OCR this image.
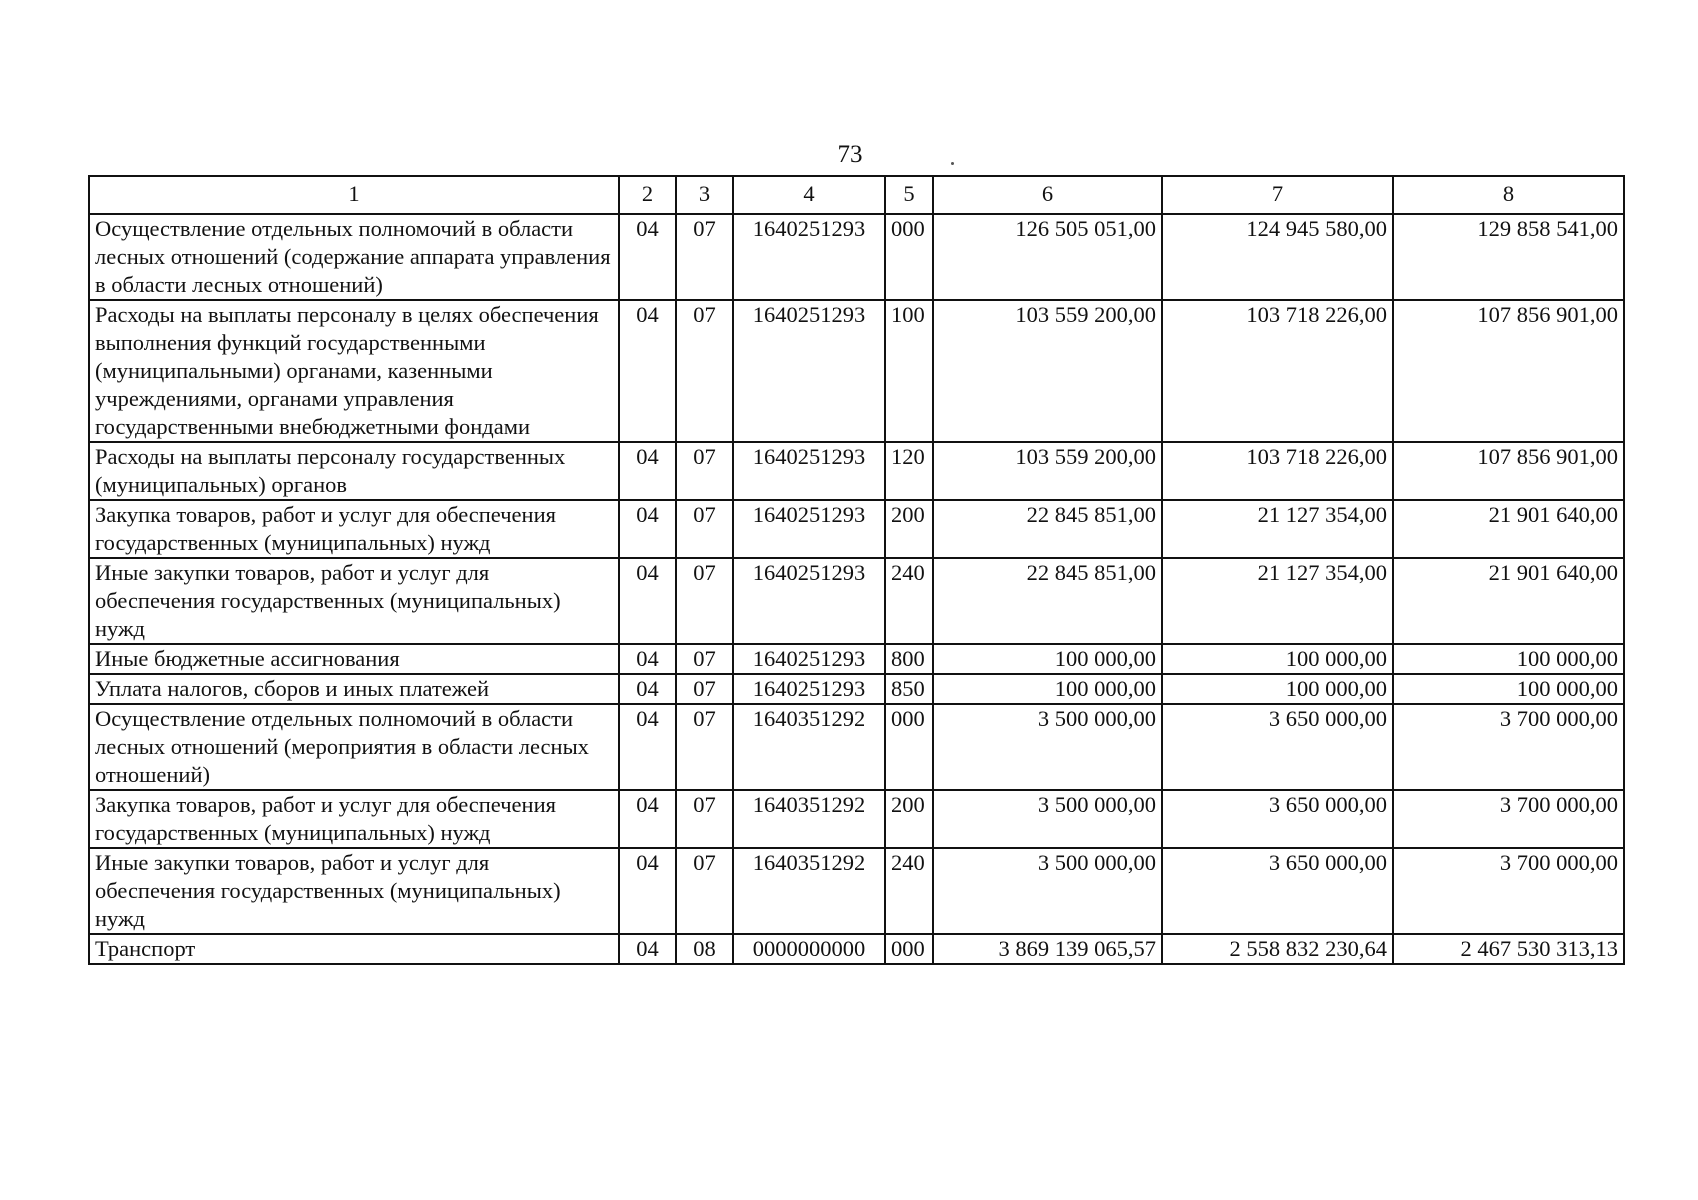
73
1	2	3	4	5	6	7	8
Осуществление отдельных полномочий в области лесных отношений (содержание аппарата управления в области лесных отношений)	04	07	1640251293	000	126 505 051,00	124 945 580,00	129 858 541,00
Расходы на выплаты персоналу в целях обеспечения выполнения функций государственными (муниципальными) органами, казенными учреждениями, органами управления государственными внебюджетными фондами	04	07	1640251293	100	103 559 200,00	103 718 226,00	107 856 901,00
Расходы на выплаты персоналу государственных (муниципальных) органов	04	07	1640251293	120	103 559 200,00	103 718 226,00	107 856 901,00
Закупка товаров, работ и услуг для обеспечения государственных (муниципальных) нужд	04	07	1640251293	200	22 845 851,00	21 127 354,00	21 901 640,00
Иные закупки товаров, работ и услуг для обеспечения государственных (муниципальных) нужд	04	07	1640251293	240	22 845 851,00	21 127 354,00	21 901 640,00
Иные бюджетные ассигнования	04	07	1640251293	800	100 000,00	100 000,00	100 000,00
Уплата налогов, сборов и иных платежей	04	07	1640251293	850	100 000,00	100 000,00	100 000,00
Осуществление отдельных полномочий в области лесных отношений (мероприятия в области лесных отношений)	04	07	1640351292	000	3 500 000,00	3 650 000,00	3 700 000,00
Закупка товаров, работ и услуг для обеспечения государственных (муниципальных) нужд	04	07	1640351292	200	3 500 000,00	3 650 000,00	3 700 000,00
Иные закупки товаров, работ и услуг для обеспечения государственных (муниципальных) нужд	04	07	1640351292	240	3 500 000,00	3 650 000,00	3 700 000,00
Транспорт	04	08	0000000000	000	3 869 139 065,57	2 558 832 230,64	2 467 530 313,13
